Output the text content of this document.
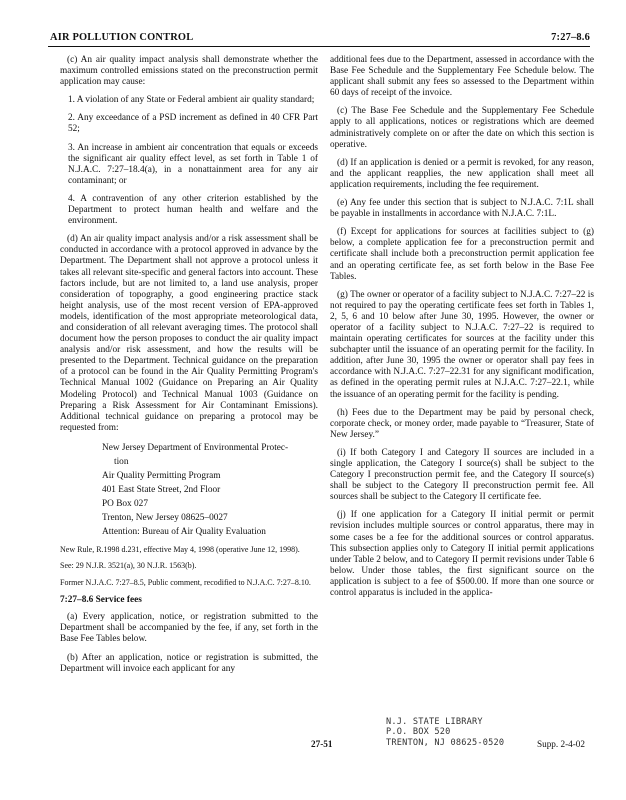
AIR POLLUTION CONTROL	7:27–8.6

(c) An air quality impact analysis shall demonstrate whether the maximum controlled emissions stated on the preconstruction permit application may cause:

1. A violation of any State or Federal ambient air quality standard;

2. Any exceedance of a PSD increment as defined in 40 CFR Part 52;

3. An increase in ambient air concentration that equals or exceeds the significant air quality effect level, as set forth in Table 1 of N.J.A.C. 7:27–18.4(a), in a nonattainment area for any air contaminant; or

4. A contravention of any other criterion established by the Department to protect human health and welfare and the environment.

(d) An air quality impact analysis and/or a risk assessment shall be conducted in accordance with a protocol approved in advance by the Department. The Department shall not approve a protocol unless it takes all relevant site-specific and general factors into account. These factors include, but are not limited to, a land use analysis, proper consideration of topography, a good engineering practice stack height analysis, use of the most recent version of EPA-approved models, identification of the most appropriate meteorological data, and consideration of all relevant averaging times. The protocol shall document how the person proposes to conduct the air quality impact analysis and/or risk assessment, and how the results will be presented to the Department. Technical guidance on the preparation of a protocol can be found in the Air Quality Permitting Program's Technical Manual 1002 (Guidance on Preparing an Air Quality Modeling Protocol) and Technical Manual 1003 (Guidance on Preparing a Risk Assessment for Air Contaminant Emissions). Additional technical guidance on preparing a protocol may be requested from:

New Jersey Department of Environmental Protec-
tion
Air Quality Permitting Program
401 East State Street, 2nd Floor
PO Box 027
Trenton, New Jersey 08625–0027
Attention: Bureau of Air Quality Evaluation

New Rule, R.1998 d.231, effective May 4, 1998 (operative June 12, 1998).

See: 29 N.J.R. 3521(a), 30 N.J.R. 1563(b).

Former N.J.A.C. 7:27–8.5, Public comment, recodified to N.J.A.C. 7:27–8.10.

7:27–8.6 Service fees

(a) Every application, notice, or registration submitted to the Department shall be accompanied by the fee, if any, set forth in the Base Fee Tables below.

(b) After an application, notice or registration is submitted, the Department will invoice each applicant for any

additional fees due to the Department, assessed in accordance with the Base Fee Schedule and the Supplementary Fee Schedule below. The applicant shall submit any fees so assessed to the Department within 60 days of receipt of the invoice.

(c) The Base Fee Schedule and the Supplementary Fee Schedule apply to all applications, notices or registrations which are deemed administratively complete on or after the date on which this section is operative.

(d) If an application is denied or a permit is revoked, for any reason, and the applicant reapplies, the new application shall meet all application requirements, including the fee requirement.

(e) Any fee under this section that is subject to N.J.A.C. 7:1L shall be payable in installments in accordance with N.J.A.C. 7:1L.

(f) Except for applications for sources at facilities subject to (g) below, a complete application fee for a preconstruction permit and certificate shall include both a preconstruction permit application fee and an operating certificate fee, as set forth below in the Base Fee Tables.

(g) The owner or operator of a facility subject to N.J.A.C. 7:27–22 is not required to pay the operating certificate fees set forth in Tables 1, 2, 5, 6 and 10 below after June 30, 1995. However, the owner or operator of a facility subject to N.J.A.C. 7:27–22 is required to maintain operating certificates for sources at the facility under this subchapter until the issuance of an operating permit for the facility. In addition, after June 30, 1995 the owner or operator shall pay fees in accordance with N.J.A.C. 7:27–22.31 for any significant modification, as defined in the operating permit rules at N.J.A.C. 7:27–22.1, while the issuance of an operating permit for the facility is pending.

(h) Fees due to the Department may be paid by personal check, corporate check, or money order, made payable to “Treasurer, State of New Jersey.”

(i) If both Category I and Category II sources are included in a single application, the Category I source(s) shall be subject to the Category I preconstruction permit fee, and the Category II source(s) shall be subject to the Category II preconstruction permit fee. All sources shall be subject to the Category II certificate fee.

(j) If one application for a Category II initial permit or permit revision includes multiple sources or control apparatus, there may in some cases be a fee for the additional sources or control apparatus. This subsection applies only to Category II initial permit applications under Table 2 below, and to Category II permit revisions under Table 6 below. Under those tables, the first significant source on the application is subject to a fee of $500.00. If more than one source or control apparatus is included in the applica-

N.J. STATE LIBRARY
P.O. BOX 520
TRENTON, NJ 08625-0520
27-51	Supp. 2-4-02
